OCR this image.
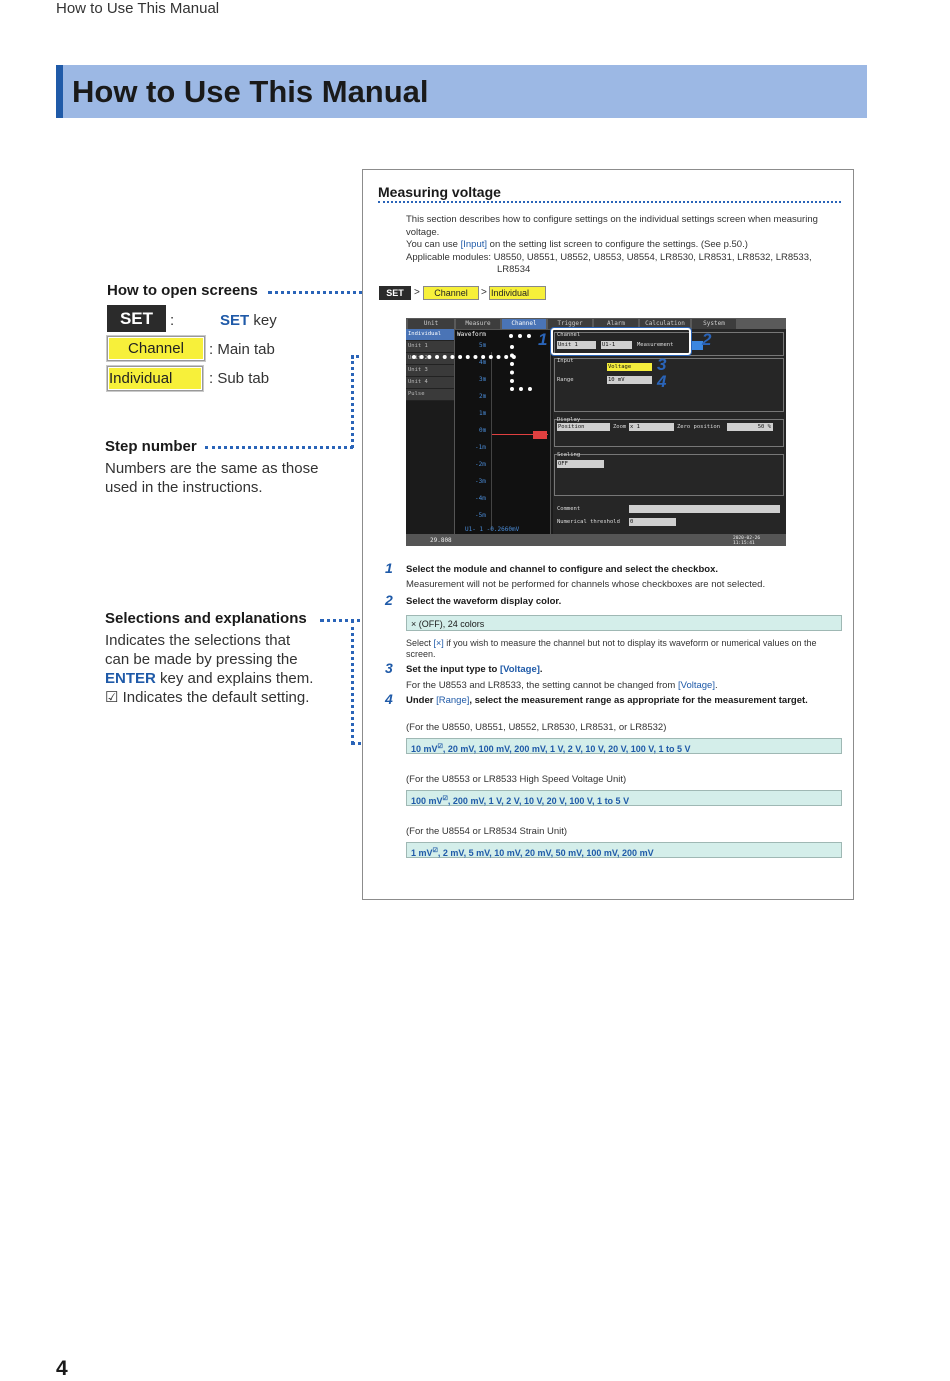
How to Use This Manual
How to Use This Manual
How to open screens
SET	:	SET key
Channel	: Main tab
Individual	: Sub tab
Step number
Numbers are the same as those
used in the instructions.
Selections and explanations
Indicates the selections that
can be made by pressing the
ENTER key and explains them.
☑ Indicates the default setting.
Measuring voltage
This section describes how to configure settings on the individual settings screen when measuring
voltage.
You can use [Input] on the setting list screen to configure the settings. (See p.50.)
Applicable modules: U8550, U8551, U8552, U8553, U8554, LR8530, LR8531, LR8532, LR8533,
LR8534
SET	>	Channel	> Individual
Unit	Measure	Channel	Trigger	Alarm	Calculation	System
Individual
Unit 1
Unit 2
Unit 3
Unit 4
Pulse
Waveform
5m
4m
3m
2m
1m
0m
-1m
-2m
-3m
-4m
-5m
U1- 1 -0.2660mV
Channel
Unit 1	U1-1	Measurement
Input
Voltage
Range	10 mV
Display
Position	Zoom x 1	Zero position	50 %
Scaling
OFF
Comment
Numerical threshold 0
29.808	2020-02-26 11:15:41
1	2
3
4
1 Select the module and channel to configure and select the checkbox.
Measurement will not be performed for channels whose checkboxes are not selected.
2 Select the waveform display color.
× (OFF), 24 colors
Select [×] if you wish to measure the channel but not to display its waveform or numerical values on the
screen.
3 Set the input type to [Voltage].
For the U8553 and LR8533, the setting cannot be changed from [Voltage].
4 Under [Range], select the measurement range as appropriate for the measurement target.
(For the U8550, U8551, U8552, LR8530, LR8531, or LR8532)
10 mV☑, 20 mV, 100 mV, 200 mV, 1 V, 2 V, 10 V, 20 V, 100 V, 1 to 5 V
(For the U8553 or LR8533 High Speed Voltage Unit)
100 mV☑, 200 mV, 1 V, 2 V, 10 V, 20 V, 100 V, 1 to 5 V
(For the U8554 or LR8534 Strain Unit)
1 mV☑, 2 mV, 5 mV, 10 mV, 20 mV, 50 mV, 100 mV, 200 mV
4
